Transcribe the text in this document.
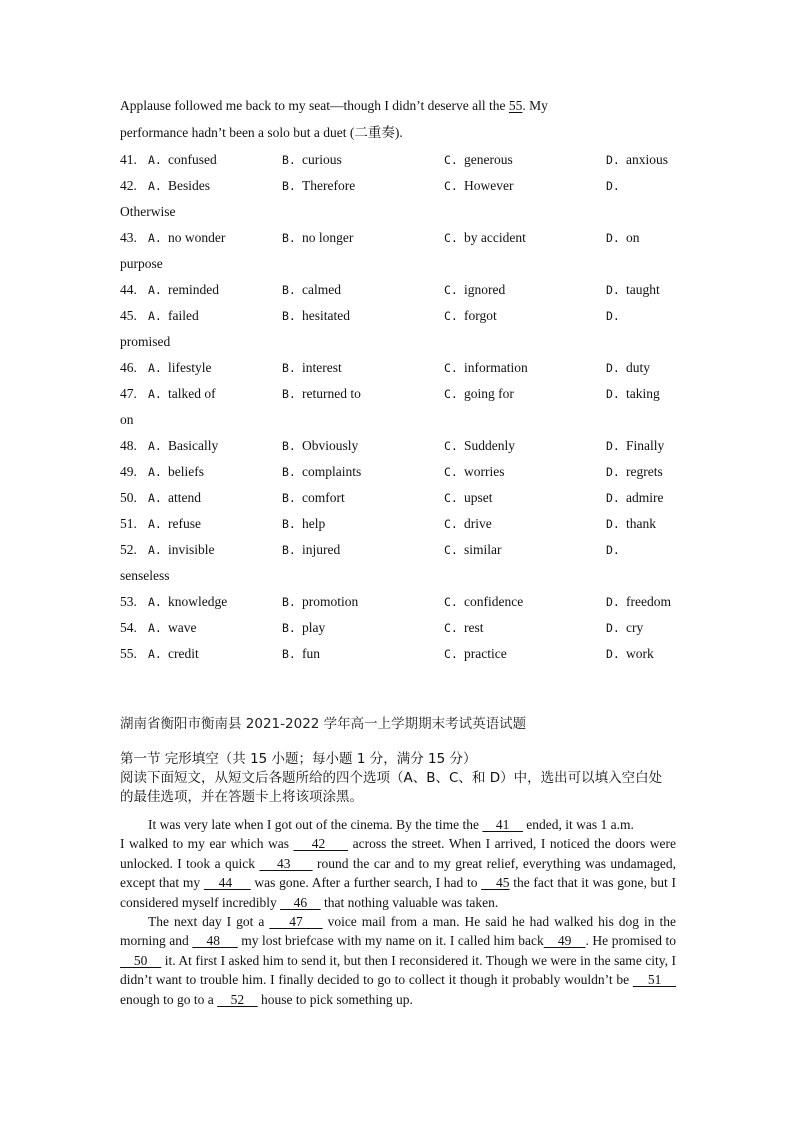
Applause followed me back to my seat—though I didn’t deserve all the 55. My
performance hadn’t been a solo but a duet (二重奏).
41. A. confused	B. curious	C. generous	D. anxious
42. A. Besides	B. Therefore	C. However	D.
Otherwise
43. A. no wonder	B. no longer	C. by accident	D. on
purpose
44. A. reminded	B. calmed	C. ignored	D. taught
45. A. failed	B. hesitated	C. forgot	D.
promised
46. A. lifestyle	B. interest	C. information	D. duty
47. A. talked of	B. returned to	C. going for	D. taking
on
48. A. Basically	B. Obviously	C. Suddenly	D. Finally
49. A. beliefs	B. complaints	C. worries	D. regrets
50. A. attend	B. comfort	C. upset	D. admire
51. A. refuse	B. help	C. drive	D. thank
52. A. invisible	B. injured	C. similar	D.
senseless
53. A. knowledge	B. promotion	C. confidence	D. freedom
54. A. wave	B. play	C. rest	D. cry
55. A. credit	B. fun	C. practice	D. work
湖南省衡阳市衡南县 2021-2022 学年高一上学期期末考试英语试题
第一节 完形填空（共 15 小题；每小题 1 分，满分 15 分）
阅读下面短文，从短文后各题所给的四个选项（A、B、C、和 D）中，选出可以填入空白处
的最佳选项，并在答题卡上将该项涂黑。

It was very late when I got out of the cinema. By the time the     41     ended, it was 1 a.m.

I walked to my ear which was     42      across the street. When I arrived, I noticed the doors were unlocked. I took a quick     43      round the car and to my great relief, everything was undamaged, except that my     44      was gone. After a further search, I had to     45 the fact that it was gone, but I considered myself incredibly     46     that nothing valuable was taken.

The next day I got a     47     voice mail from a man. He said he had walked his dog in the morning and     48      my lost briefcase with my name on it. I called him back    49    . He promised to     50     it. At first I asked him to send it, but then I reconsidered it. Though we were in the same city, I didn’t want to trouble him. I finally decided to go to collect it though it probably wouldn’t be     51     enough to go to a     52     house to pick something up.
